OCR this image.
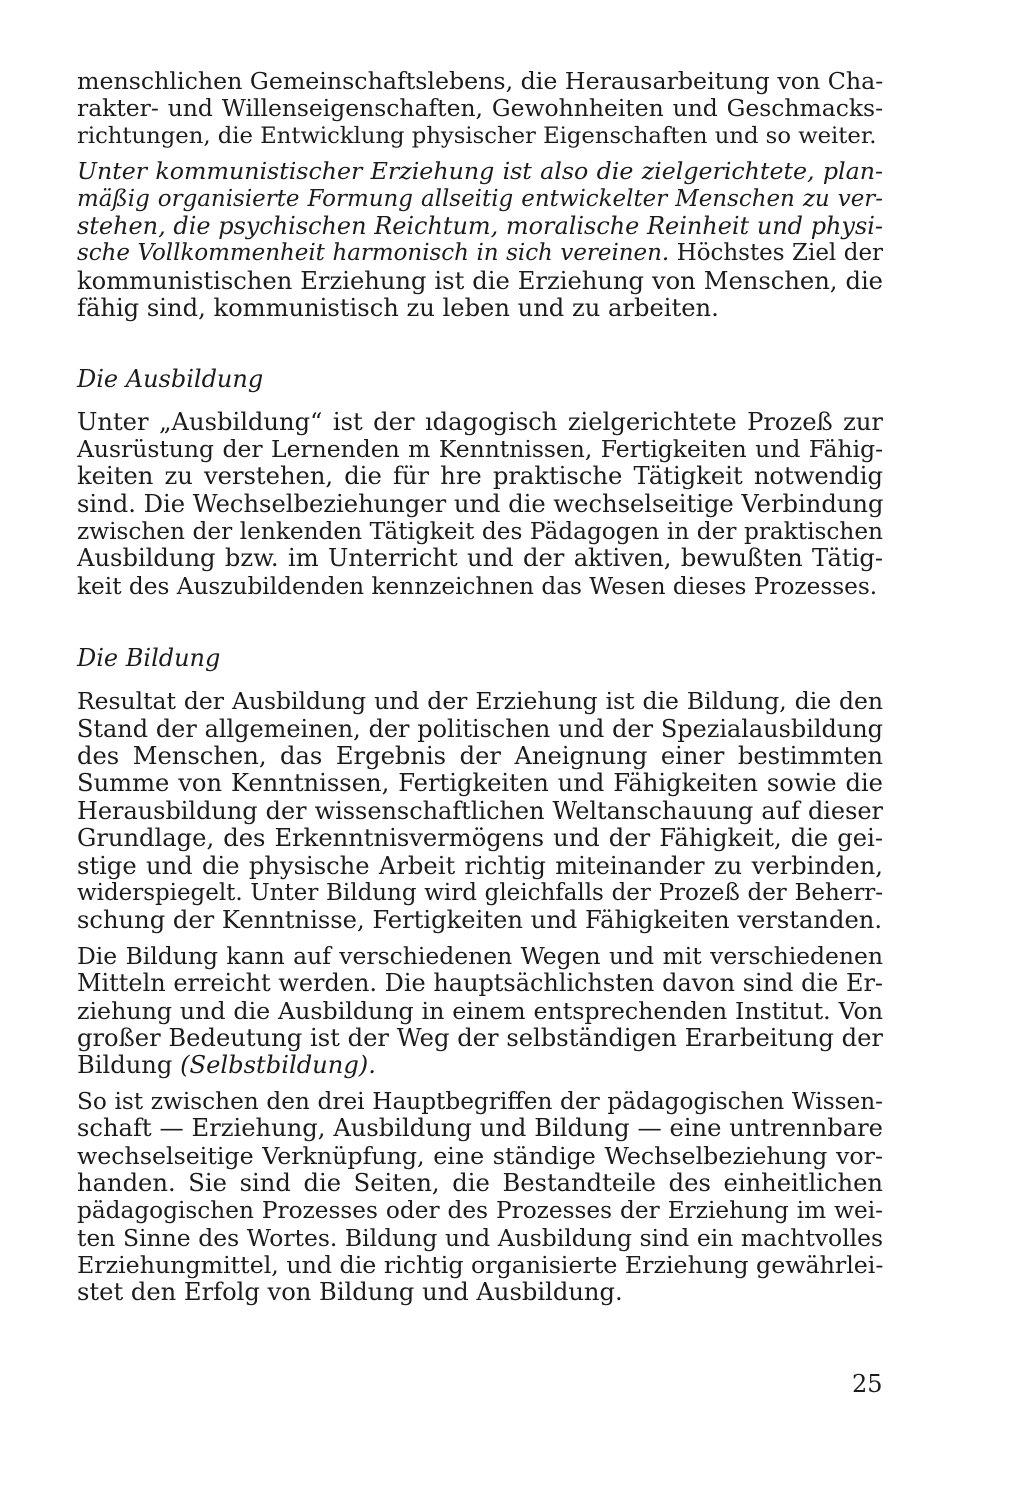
menschlichen Gemeinschaftslebens, die Herausarbeitung von Cha-
rakter- und Willenseigenschaften, Gewohnheiten und Geschmacks-
richtungen, die Entwicklung physischer Eigenschaften und so weiter.
Unter kommunistischer Erziehung ist also die zielgerichtete, plan-
mäßig organisierte Formung allseitig entwickelter Menschen zu ver-
stehen, die psychischen Reichtum, moralische Reinheit und physi-
sche Vollkommenheit harmonisch in sich vereinen. Höchstes Ziel der
kommunistischen Erziehung ist die Erziehung von Menschen, die
fähig sind, kommunistisch zu leben und zu arbeiten.
Die Ausbildung
Unter „Ausbildung“ ist der ıdagogisch zielgerichtete Prozeß zur
Ausrüstung der Lernenden m Kenntnissen, Fertigkeiten und Fähig-
keiten zu verstehen, die für hre praktische Tätigkeit notwendig
sind. Die Wechselbeziehunger und die wechselseitige Verbindung
zwischen der lenkenden Tätigkeit des Pädagogen in der praktischen
Ausbildung bzw. im Unterricht und der aktiven, bewußten Tätig-
keit des Auszubildenden kennzeichnen das Wesen dieses Prozesses.
Die Bildung
Resultat der Ausbildung und der Erziehung ist die Bildung, die den
Stand der allgemeinen, der politischen und der Spezialausbildung
des Menschen, das Ergebnis der Aneignung einer bestimmten
Summe von Kenntnissen, Fertigkeiten und Fähigkeiten sowie die
Herausbildung der wissenschaftlichen Weltanschauung auf dieser
Grundlage, des Erkenntnisvermögens und der Fähigkeit, die gei-
stige und die physische Arbeit richtig miteinander zu verbinden,
widerspiegelt. Unter Bildung wird gleichfalls der Prozeß der Beherr-
schung der Kenntnisse, Fertigkeiten und Fähigkeiten verstanden.
Die Bildung kann auf verschiedenen Wegen und mit verschiedenen
Mitteln erreicht werden. Die hauptsächlichsten davon sind die Er-
ziehung und die Ausbildung in einem entsprechenden Institut. Von
großer Bedeutung ist der Weg der selbständigen Erarbeitung der
Bildung (Selbstbildung).
So ist zwischen den drei Hauptbegriffen der pädagogischen Wissen-
schaft — Erziehung, Ausbildung und Bildung — eine untrennbare
wechselseitige Verknüpfung, eine ständige Wechselbeziehung vor-
handen. Sie sind die Seiten, die Bestandteile des einheitlichen
pädagogischen Prozesses oder des Prozesses der Erziehung im wei-
ten Sinne des Wortes. Bildung und Ausbildung sind ein machtvolles
Erziehungmittel, und die richtig organisierte Erziehung gewährlei-
stet den Erfolg von Bildung und Ausbildung.
25
